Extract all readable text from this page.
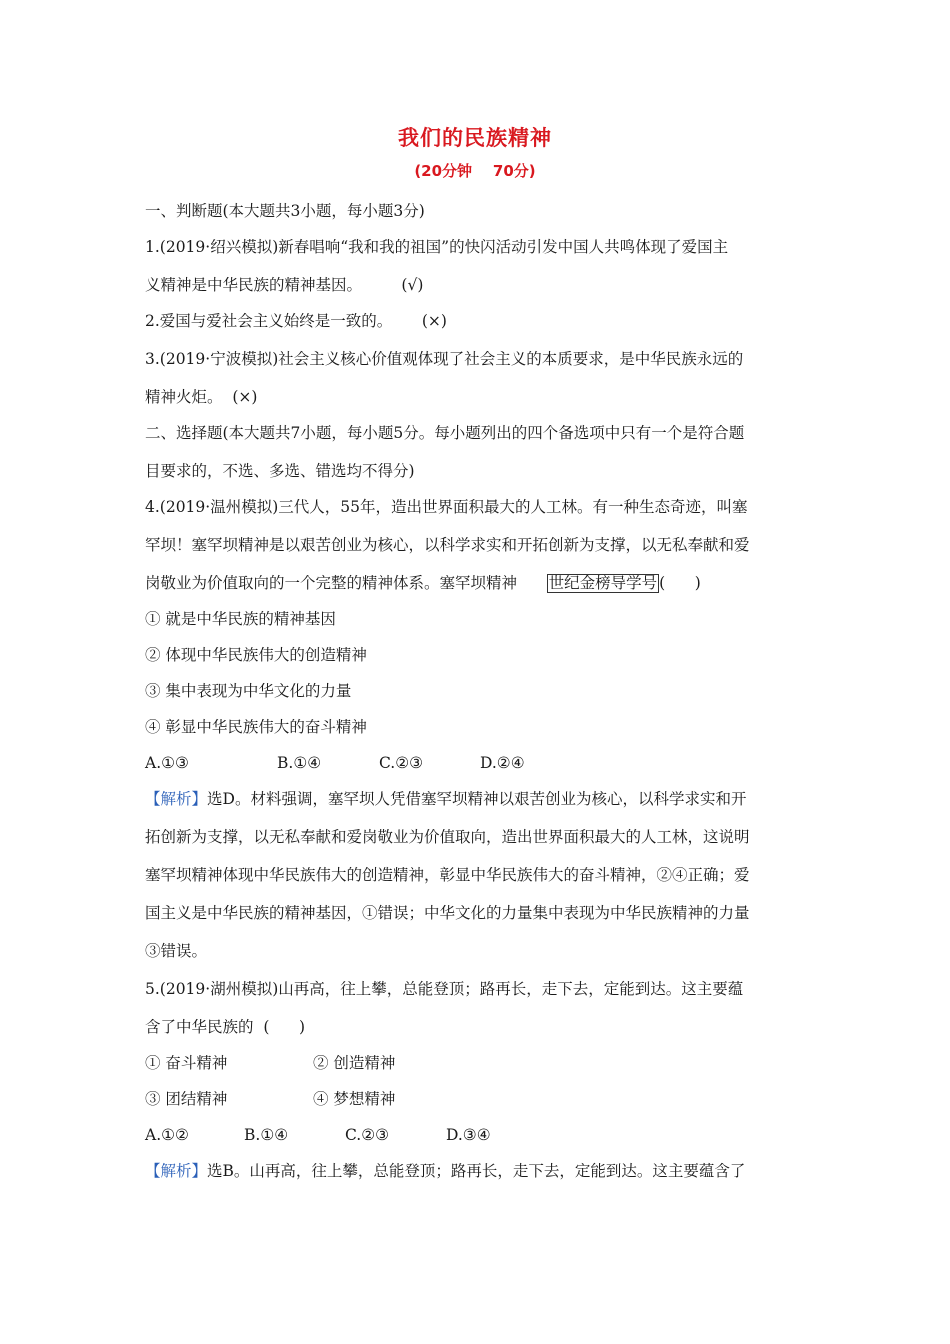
我们的民族精神
(20分钟    70分)
一、判断题(本大题共3小题，每小题3分)
1.(2019·绍兴模拟)新春唱响“我和我的祖国”的快闪活动引发中国人共鸣体现了爱国主
义精神是中华民族的精神基因。        (√)
2.爱国与爱社会主义始终是一致的。      (×)
3.(2019·宁波模拟)社会主义核心价值观体现了社会主义的本质要求，是中华民族永远的
精神火炬。  (×)
二、选择题(本大题共7小题，每小题5分。每小题列出的四个备选项中只有一个是符合题
目要求的，不选、多选、错选均不得分)
4.(2019·温州模拟)三代人，55年，造出世界面积最大的人工林。有一种生态奇迹，叫塞
罕坝！塞罕坝精神是以艰苦创业为核心，以科学求实和开拓创新为支撑，以无私奉献和爱
岗敬业为价值取向的一个完整的精神体系。塞罕坝精神      世纪金榜导学号 (      )
① 就是中华民族的精神基因
② 体现中华民族伟大的创造精神
③ 集中表现为中华文化的力量
④ 彰显中华民族伟大的奋斗精神
A.①③	B.①④	C.②③	D.②④
【解析】选D。材料强调，塞罕坝人凭借塞罕坝精神以艰苦创业为核心，以科学求实和开
拓创新为支撑，以无私奉献和爱岗敬业为价值取向，造出世界面积最大的人工林，这说明
塞罕坝精神体现中华民族伟大的创造精神，彰显中华民族伟大的奋斗精神，②④正确；爱
国主义是中华民族的精神基因，①错误；中华文化的力量集中表现为中华民族精神的力量
③错误。
5.(2019·湖州模拟)山再高，往上攀，总能登顶；路再长，走下去，定能到达。这主要蕴
含了中华民族的  (      )
① 奋斗精神	② 创造精神
③ 团结精神	④ 梦想精神
A.①②	B.①④	C.②③	D.③④
【解析】选B。山再高，往上攀，总能登顶；路再长，走下去，定能到达。这主要蕴含了
